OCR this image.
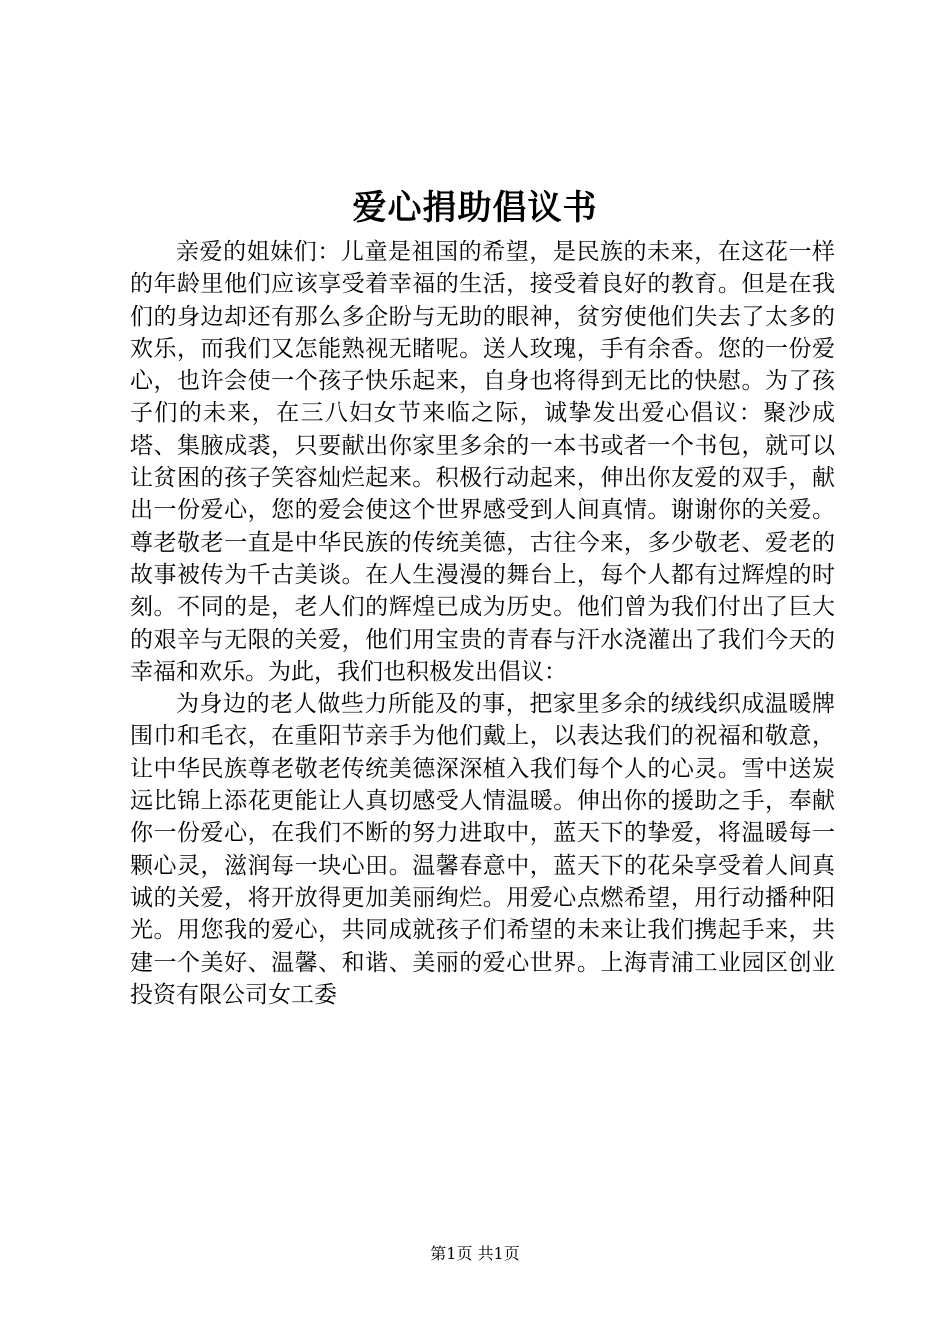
爱心捐助倡议书

亲爱的姐妹们：儿童是祖国的希望，是民族的未来，在这花一样的年龄里他们应该享受着幸福的生活，接受着良好的教育。但是在我们的身边却还有那么多企盼与无助的眼神，贫穷使他们失去了太多的欢乐，而我们又怎能熟视无睹呢。送人玫瑰，手有余香。您的一份爱心，也许会使一个孩子快乐起来，自身也将得到无比的快慰。为了孩子们的未来，在三八妇女节来临之际，诚挚发出爱心倡议：聚沙成塔、集腋成裘，只要献出你家里多余的一本书或者一个书包，就可以让贫困的孩子笑容灿烂起来。积极行动起来，伸出你友爱的双手，献出一份爱心，您的爱会使这个世界感受到人间真情。谢谢你的关爱。尊老敬老一直是中华民族的传统美德，古往今来，多少敬老、爱老的故事被传为千古美谈。在人生漫漫的舞台上，每个人都有过辉煌的时刻。不同的是，老人们的辉煌已成为历史。他们曾为我们付出了巨大的艰辛与无限的关爱，他们用宝贵的青春与汗水浇灌出了我们今天的幸福和欢乐。为此，我们也积极发出倡议：

为身边的老人做些力所能及的事，把家里多余的绒线织成温暖牌围巾和毛衣，在重阳节亲手为他们戴上，以表达我们的祝福和敬意，让中华民族尊老敬老传统美德深深植入我们每个人的心灵。雪中送炭远比锦上添花更能让人真切感受人情温暖。伸出你的援助之手，奉献你一份爱心，在我们不断的努力进取中，蓝天下的挚爱，将温暖每一颗心灵，滋润每一块心田。温馨春意中，蓝天下的花朵享受着人间真诚的关爱，将开放得更加美丽绚烂。用爱心点燃希望，用行动播种阳光。用您我的爱心，共同成就孩子们希望的未来让我们携起手来，共建一个美好、温馨、和谐、美丽的爱心世界。上海青浦工业园区创业投资有限公司女工委

第1页 共1页
